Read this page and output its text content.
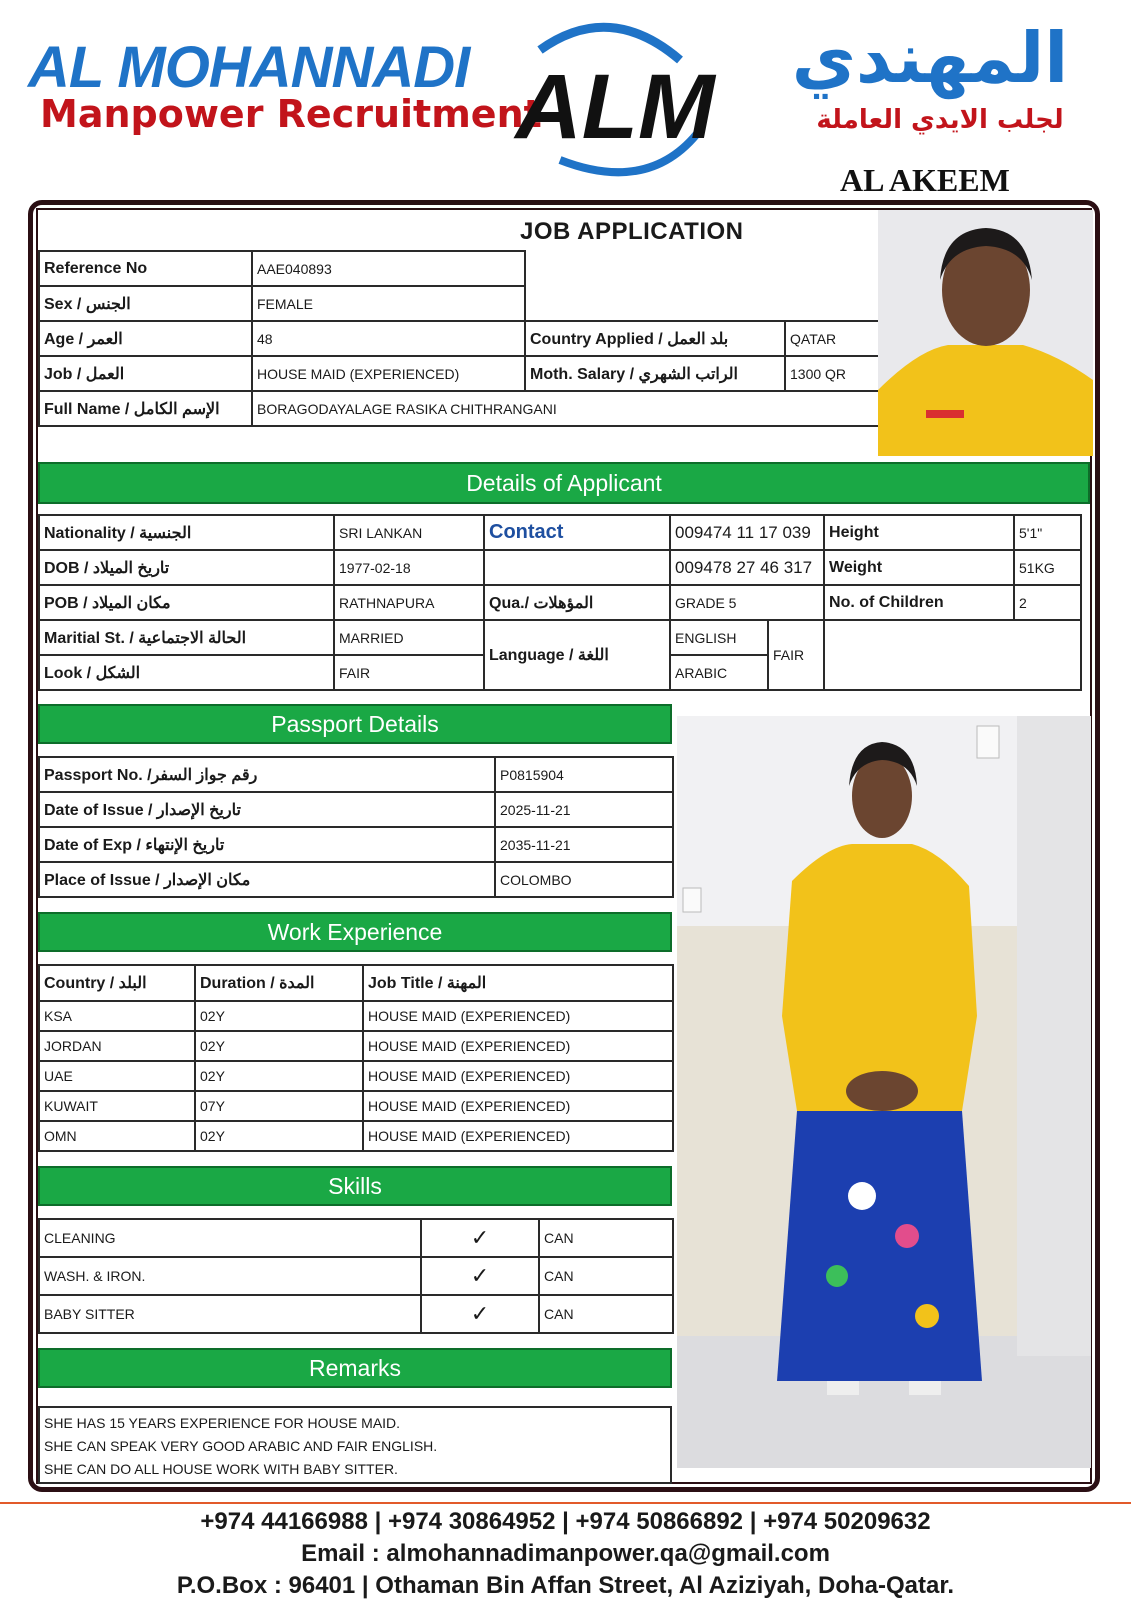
AL MOHANNADI
Manpower Recruitment
ALM	المهندي
لجلب الايدي العاملة
AL AKEEM
JOB APPLICATION
Reference No	AAE040893		
Sex / الجنس	FEMALE		
Age / العمر	48	Country Applied / بلد العمل	QATAR
Job / العمل	HOUSE MAID (EXPERIENCED)	Moth. Salary / الراتب الشهري	1300 QR
Full Name / الإسم الكامل	BORAGODAYALAGE RASIKA CHITHRANGANI		
Details of Applicant
Nationality / الجنسية	SRI LANKAN	Contact	009474 11 17 039		Height	5'1"
DOB / تاريخ الميلاد	1977-02-18		009478 27 46 317		Weight	51KG
POB / مكان الميلاد	RATHNAPURA	Qua./ المؤهلات	GRADE 5		No. of Children	2
Maritial St. / الحالة الاجتماعية	MARRIED	Language / اللغة	ENGLISH	FAIR		
Look / الشكل	FAIR		ARABIC			
Passport Details
Passport No. /رقم جواز السفر	P0815904
Date of Issue / تاريخ الإصدار	2025-11-21
Date of Exp / تاريخ الإنتهاء	2035-11-21
Place of Issue / مكان الإصدار	COLOMBO
Work Experience
Country / البلد	Duration / المدة	Job Title / المهنة
KSA	02Y	HOUSE MAID (EXPERIENCED)
JORDAN	02Y	HOUSE MAID (EXPERIENCED)
UAE	02Y	HOUSE MAID (EXPERIENCED)
KUWAIT	07Y	HOUSE MAID (EXPERIENCED)
OMN	02Y	HOUSE MAID (EXPERIENCED)
Skills
CLEANING	✓	CAN
WASH. & IRON.	✓	CAN
BABY SITTER	✓	CAN
Remarks
SHE HAS 15 YEARS EXPERIENCE FOR HOUSE MAID.
SHE CAN SPEAK VERY GOOD ARABIC AND FAIR ENGLISH.
SHE CAN DO ALL HOUSE WORK WITH BABY SITTER.
+974 44166988 | +974 30864952 | +974 50866892 | +974 50209632
Email : almohannadimanpower.qa@gmail.com
P.O.Box : 96401 | Othaman Bin Affan Street, Al Aziziyah, Doha-Qatar.
